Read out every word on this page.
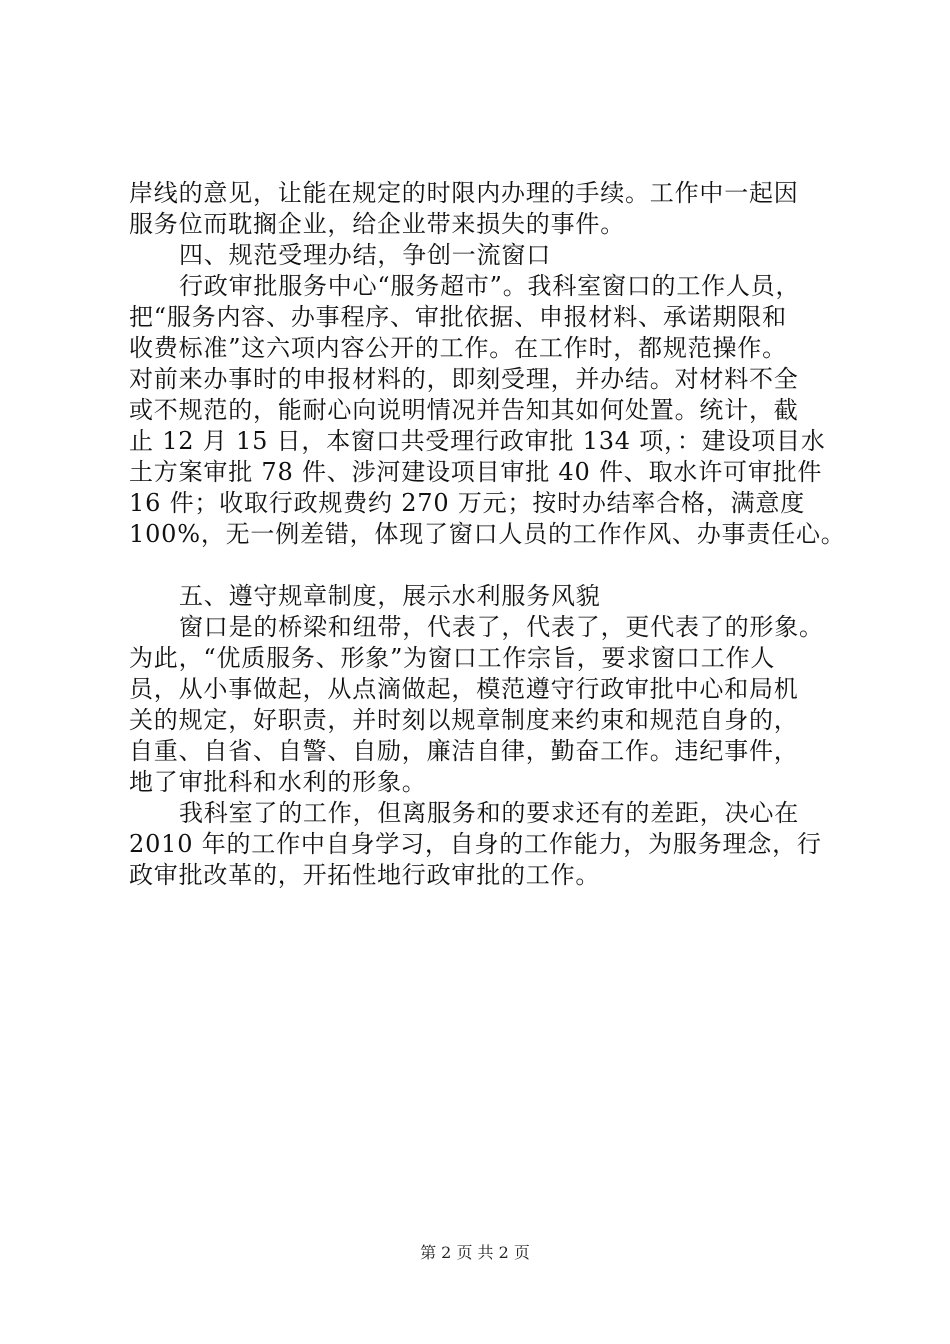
岸线的意见，让能在规定的时限内办理的手续。工作中一起因
服务位而耽搁企业，给企业带来损失的事件。
四、规范受理办结，争创一流窗口
行政审批服务中心“服务超市”。我科室窗口的工作人员，
把“服务内容、办事程序、审批依据、申报材料、承诺期限和
收费标准”这六项内容公开的工作。在工作时，都规范操作。
对前来办事时的申报材料的，即刻受理，并办结。对材料不全
或不规范的，能耐心向说明情况并告知其如何处置。统计，截
止 12 月 15 日，本窗口共受理行政审批 134 项，：建设项目水
土方案审批 78 件、涉河建设项目审批 40 件、取水许可审批件
16 件；收取行政规费约 270 万元；按时办结率合格，满意度
100%，无一例差错，体现了窗口人员的工作作风、办事责任心。
五、遵守规章制度，展示水利服务风貌
窗口是的桥梁和纽带，代表了，代表了，更代表了的形象。
为此，“优质服务、形象”为窗口工作宗旨，要求窗口工作人
员，从小事做起，从点滴做起，模范遵守行政审批中心和局机
关的规定，好职责，并时刻以规章制度来约束和规范自身的，
自重、自省、自警、自励，廉洁自律，勤奋工作。违纪事件，
地了审批科和水利的形象。
我科室了的工作，但离服务和的要求还有的差距，决心在
2010 年的工作中自身学习，自身的工作能力，为服务理念，行
政审批改革的，开拓性地行政审批的工作。
第 2 页 共 2 页
